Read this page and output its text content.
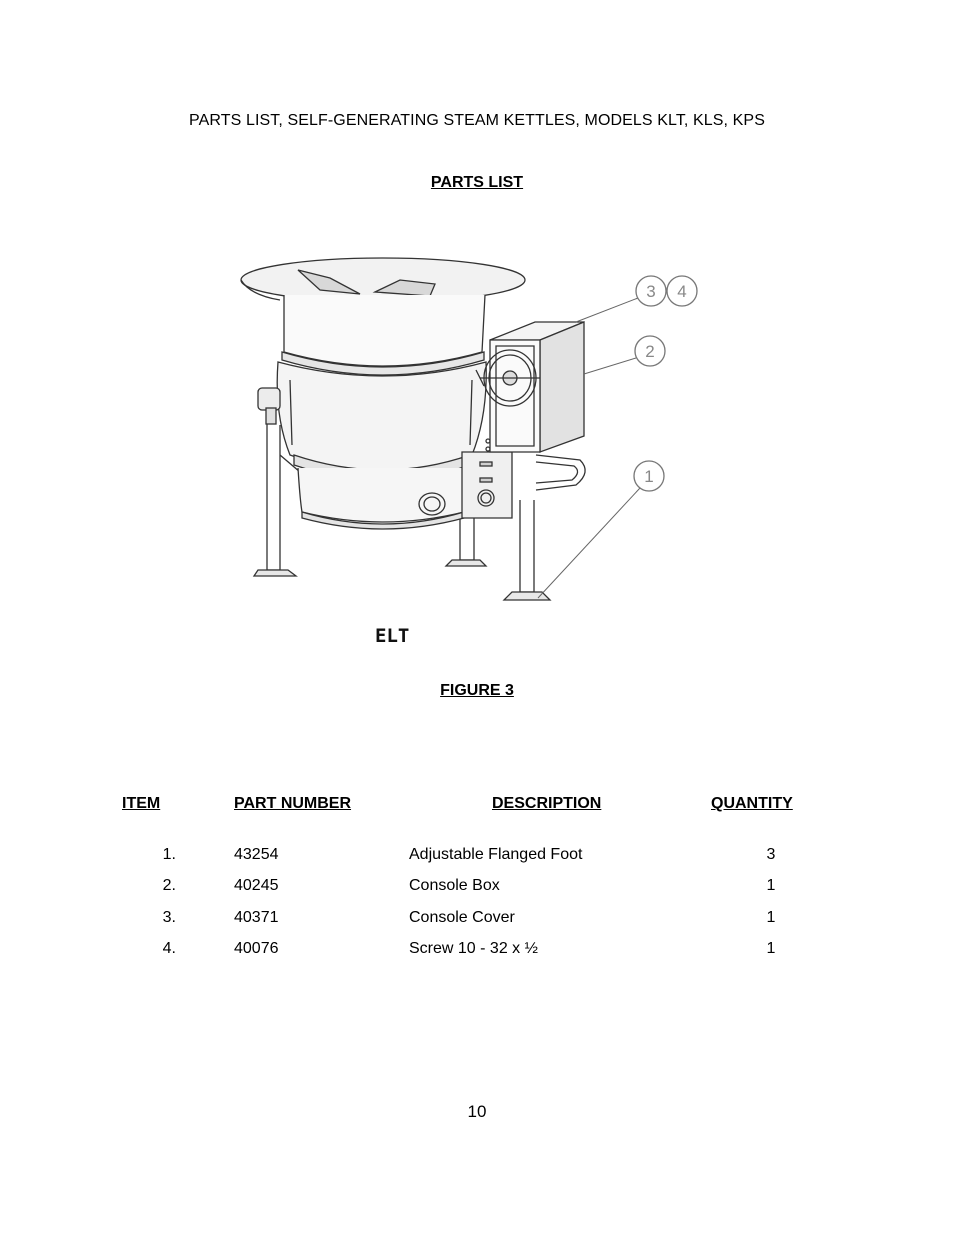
PARTS LIST, SELF-GENERATING STEAM KETTLES, MODELS KLT, KLS, KPS
PARTS LIST
3 4
2
1
ELT
FIGURE 3
ITEM	PART NUMBER	DESCRIPTION	QUANTITY
1.	43254	Adjustable Flanged Foot	3
2.	40245	Console Box	1
3.	40371	Console Cover	1
4.	40076	Screw 10 - 32 x ½	1
10
